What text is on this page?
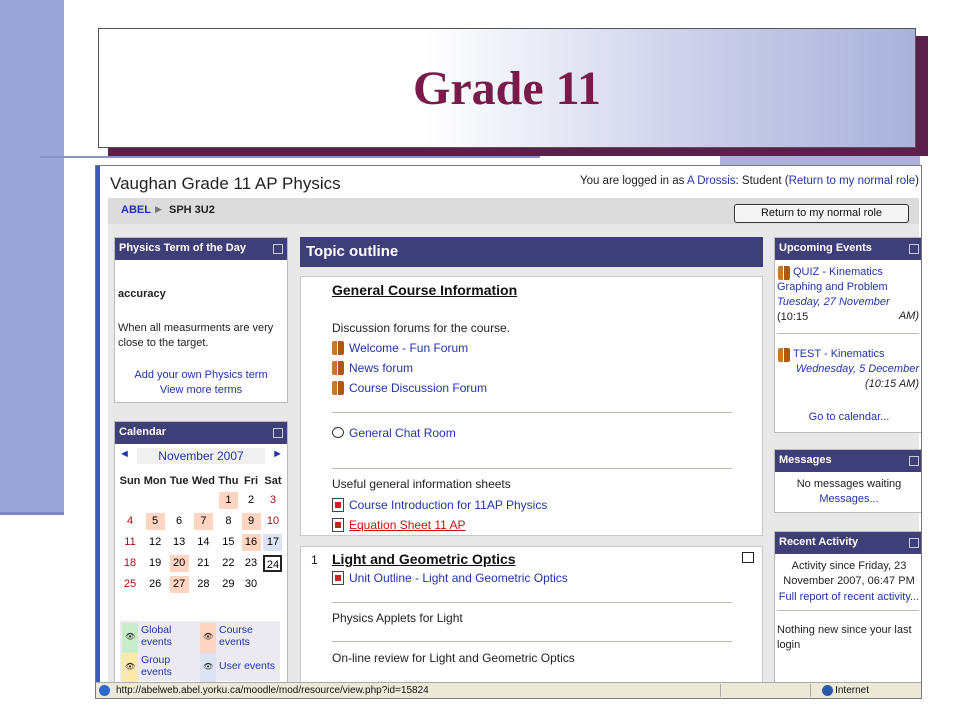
Grade 11
Vaughan Grade 11 AP Physics	You are logged in as A Drossis: Student (Return to my normal role)
ABEL ▶ SPH 3U2	Return to my normal role
Physics Term of the Day
accuracy
When all measurments are very close to the target.
Add your own Physics term
View more terms
Calendar
◄	November 2007	►
Sun	Mon	Tue	Wed	Thu	Fri	Sat
				1	2	3
4	5	6	7	8	9	10
11	12	13	14	15	16	17
18	19	20	21	22	23	24
25	26	27	28	29	30	
👁
Global events	👁
Course events
👁
Group events	👁 User events
Topic outline
General Course Information
Discussion forums for the course.
Welcome - Fun Forum
News forum
Course Discussion Forum
General Chat Room
Useful general information sheets
Course Introduction for 11AP Physics
Equation Sheet 11 AP
1 Light and Geometric Optics
Unit Outline - Light and Geometric Optics
Physics Applets for Light
On-line review for Light and Geometric Optics
Upcoming Events
QUIZ - Kinematics
Graphing and Problem
Tuesday, 27 November (10:15	AM)
TEST - Kinematics
Wednesday, 5 December
(10:15 AM)
Go to calendar...
Messages
No messages waiting
Messages...
Recent Activity
Activity since Friday, 23
November 2007, 06:47 PM
Full report of recent activity...
Nothing new since your last
login
http://abelweb.abel.yorku.ca/moodle/mod/resource/view.php?id=15824	Internet
